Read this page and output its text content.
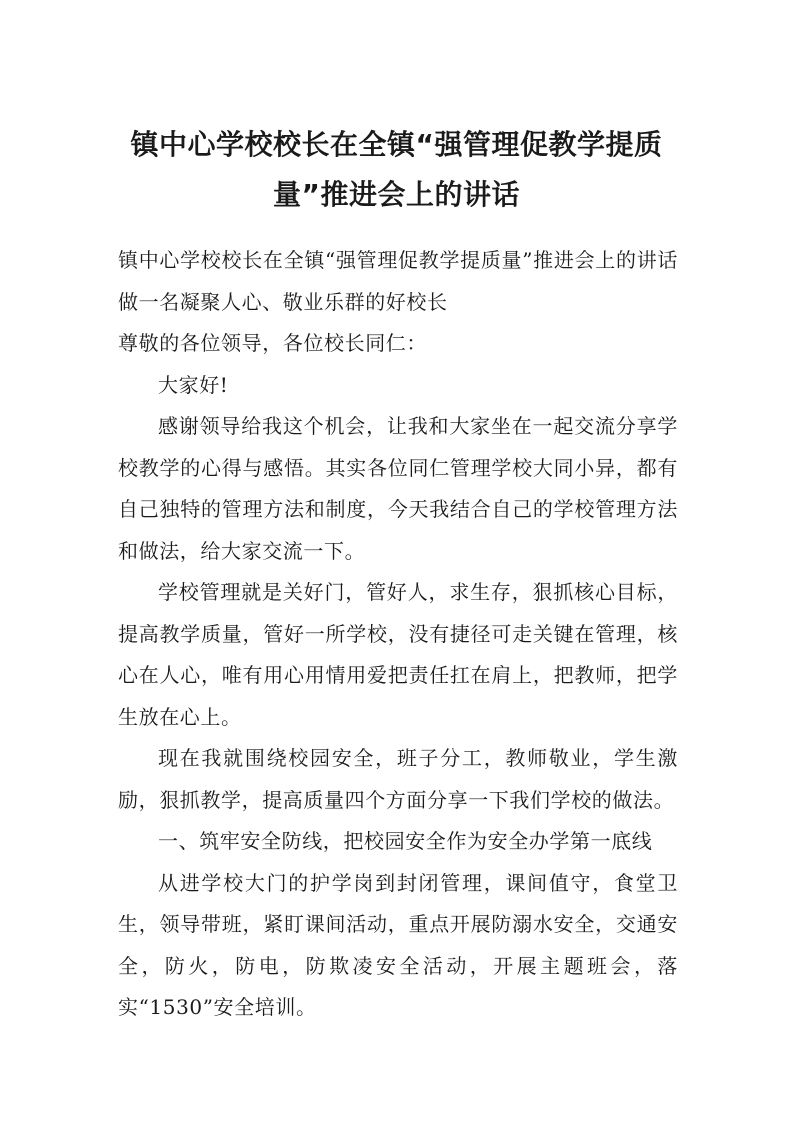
镇中心学校校长在全镇“强管理促教学提质量”推进会上的讲话

镇中心学校校长在全镇“强管理促教学提质量”推进会上的讲话做一名凝聚人心、敬业乐群的好校长

尊敬的各位领导，各位校长同仁：

大家好!

感谢领导给我这个机会，让我和大家坐在一起交流分享学校教学的心得与感悟。其实各位同仁管理学校大同小异，都有自己独特的管理方法和制度，今天我结合自己的学校管理方法和做法，给大家交流一下。

学校管理就是关好门，管好人，求生存，狠抓核心目标，提高教学质量，管好一所学校，没有捷径可走关键在管理，核心在人心，唯有用心用情用爱把责任扛在肩上，把教师，把学生放在心上。

现在我就围绕校园安全，班子分工，教师敬业，学生激励，狠抓教学，提高质量四个方面分享一下我们学校的做法。

一、筑牢安全防线，把校园安全作为安全办学第一底线

从进学校大门的护学岗到封闭管理，课间值守，食堂卫生，领导带班，紧盯课间活动，重点开展防溺水安全，交通安全，防火，防电，防欺凌安全活动，开展主题班会，落实“1530”安全培训。
